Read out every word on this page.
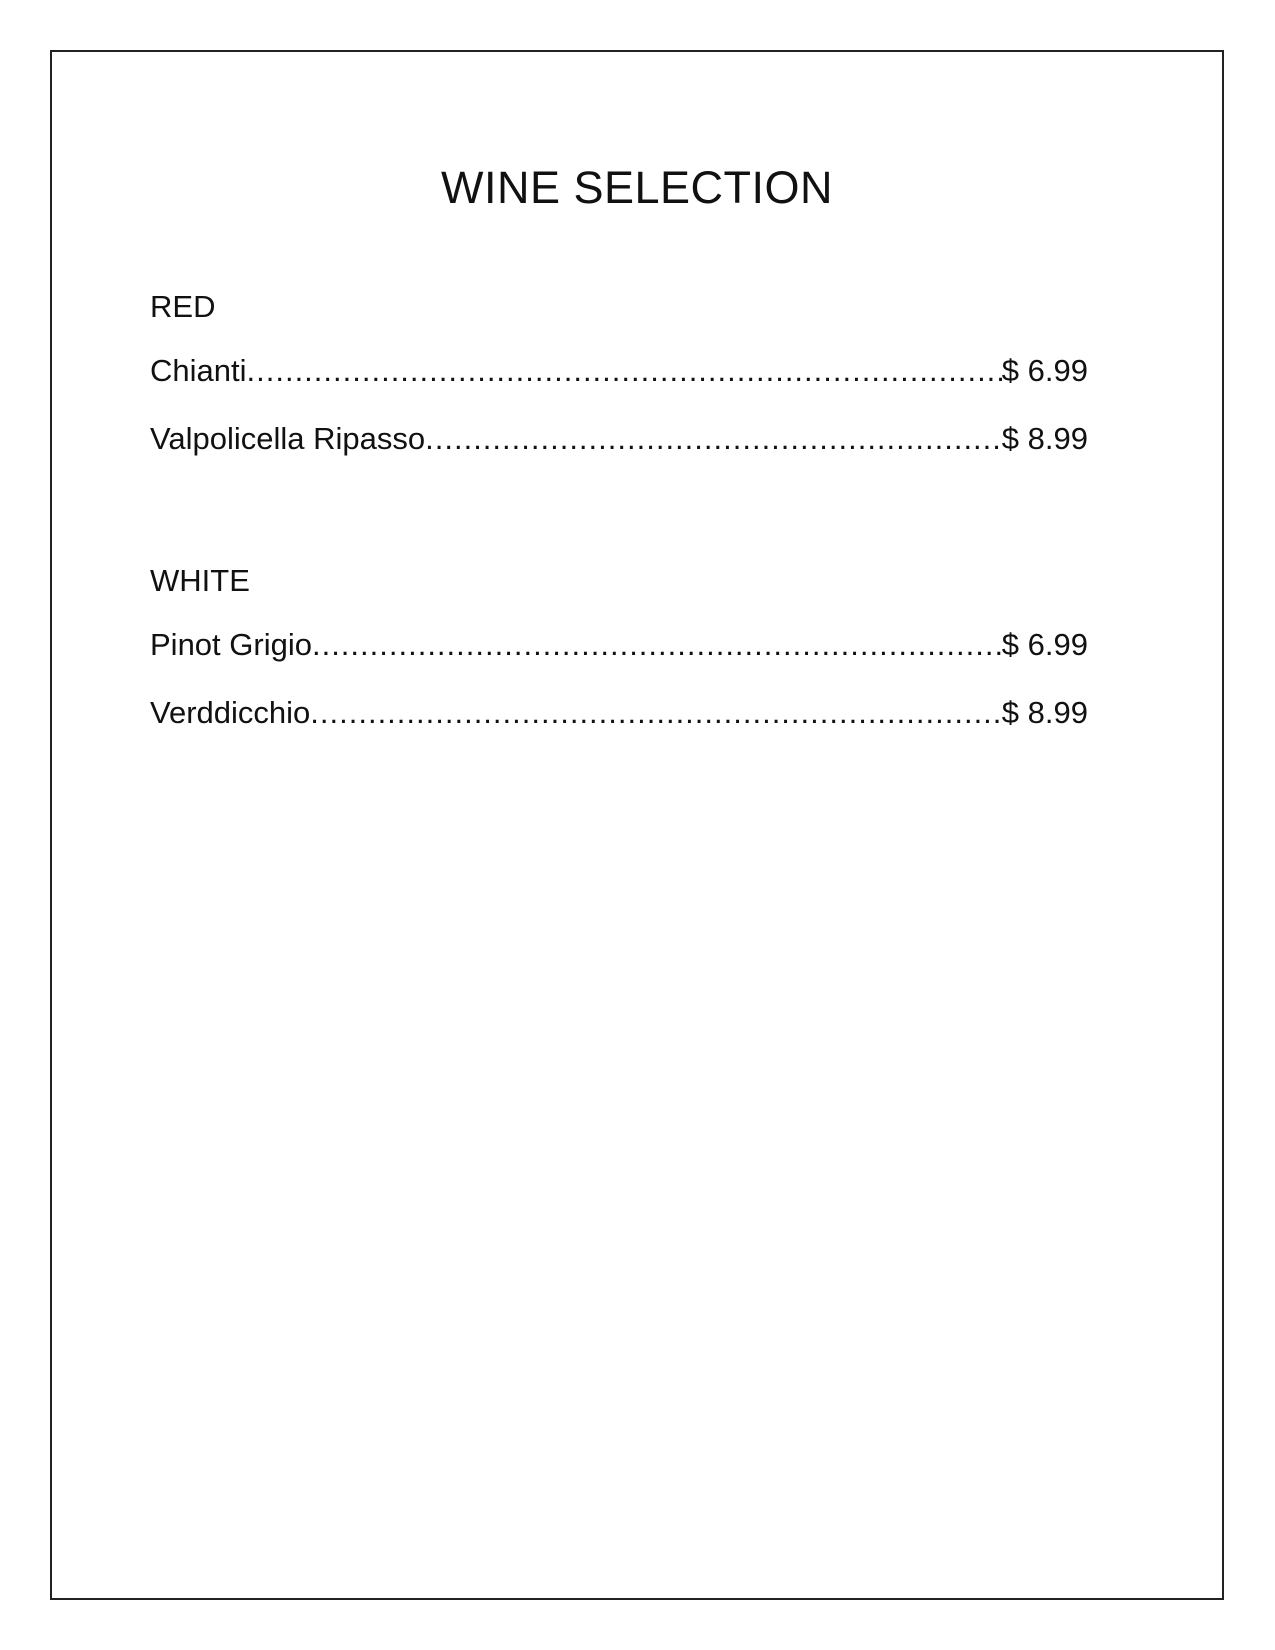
WINE SELECTION
RED
Chianti .....	$ 6.99
Valpolicella Ripasso .....	$ 8.99
WHITE
Pinot Grigio .....	$ 6.99
Verddicchio .....	$ 8.99
